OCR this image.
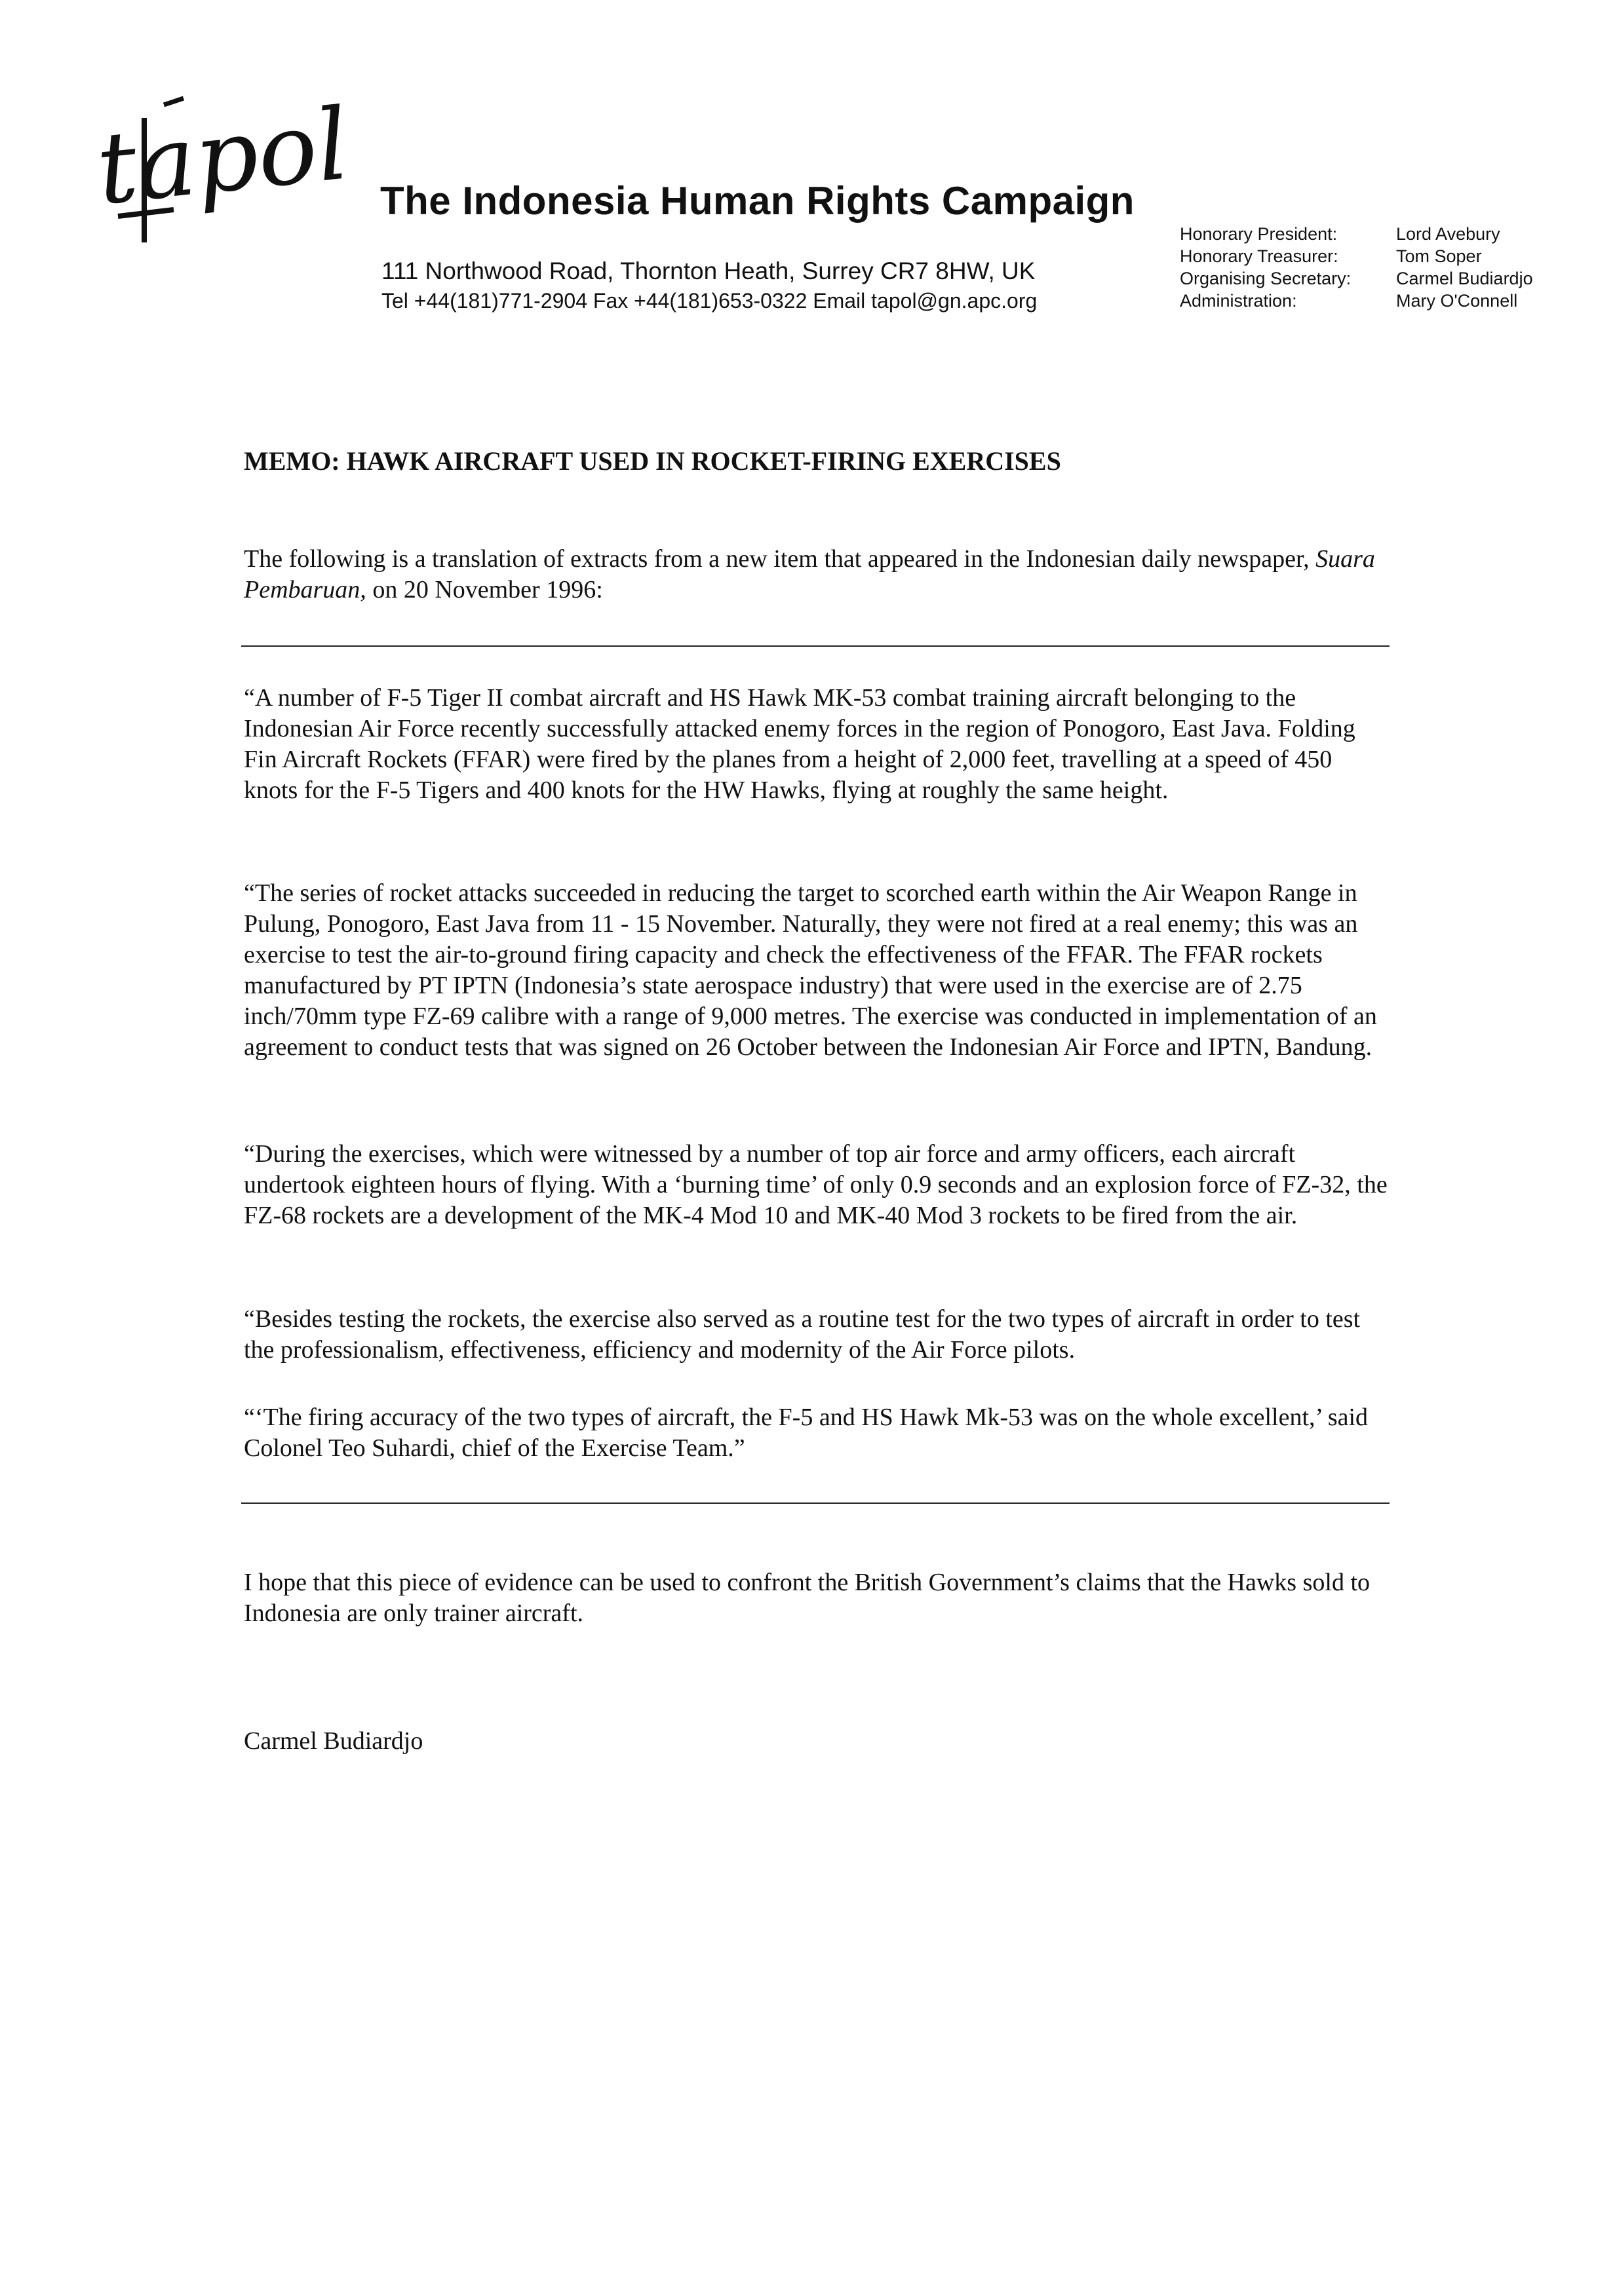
tapol The Indonesia Human Rights Campaign
111 Northwood Road, Thornton Heath, Surrey CR7 8HW, UK
Tel +44(181)771-2904 Fax +44(181)653-0322 Email tapol@gn.apc.org
Honorary President:	Lord Avebury
Honorary Treasurer:	Tom Soper
Organising Secretary:	Carmel Budiardjo
Administration:	Mary O'Connell
MEMO: HAWK AIRCRAFT USED IN ROCKET-FIRING EXERCISES

The following is a translation of extracts from a new item that appeared in the Indonesian daily newspaper, Suara Pembaruan, on 20 November 1996:

“A number of F-5 Tiger II combat aircraft and HS Hawk MK-53 combat training aircraft belonging to the Indonesian Air Force recently successfully attacked enemy forces in the region of Ponogoro, East Java. Folding Fin Aircraft Rockets (FFAR) were fired by the planes from a height of 2,000 feet, travelling at a speed of 450 knots for the F-5 Tigers and 400 knots for the HW Hawks, flying at roughly the same height.

“The series of rocket attacks succeeded in reducing the target to scorched earth within the Air Weapon Range in Pulung, Ponogoro, East Java from 11 - 15 November. Naturally, they were not fired at a real enemy; this was an exercise to test the air-to-ground firing capacity and check the effectiveness of the FFAR. The FFAR rockets manufactured by PT IPTN (Indonesia’s state aerospace industry) that were used in the exercise are of 2.75 inch/70mm type FZ-69 calibre with a range of 9,000 metres. The exercise was conducted in implementation of an agreement to conduct tests that was signed on 26 October between the Indonesian Air Force and IPTN, Bandung.

“During the exercises, which were witnessed by a number of top air force and army officers, each aircraft undertook eighteen hours of flying. With a ‘burning time’ of only 0.9 seconds and an explosion force of FZ-32, the FZ-68 rockets are a development of the MK-4 Mod 10 and MK-40 Mod 3 rockets to be fired from the air.

“Besides testing the rockets, the exercise also served as a routine test for the two types of aircraft in order to test the professionalism, effectiveness, efficiency and modernity of the Air Force pilots.

“‘The firing accuracy of the two types of aircraft, the F-5 and HS Hawk Mk-53 was on the whole excellent,’ said Colonel Teo Suhardi, chief of the Exercise Team.”

I hope that this piece of evidence can be used to confront the British Government’s claims that the Hawks sold to Indonesia are only trainer aircraft.

Carmel Budiardjo
